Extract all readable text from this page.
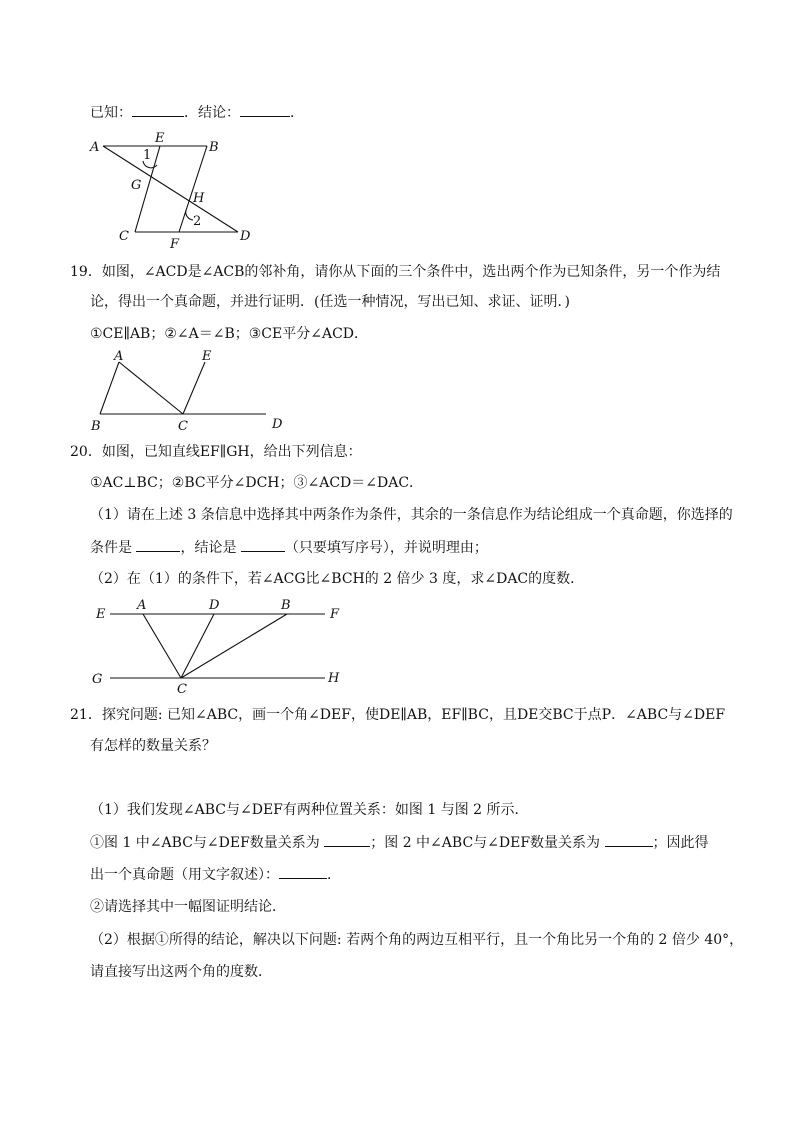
已知：	．结论：	．
A
E
B
1
G
H
2
C
F
D
19．如图，∠ACD是∠ACB的邻补角，请你从下面的三个条件中，选出两个作为已知条件，另一个作为结
论，得出一个真命题，并进行证明．(任选一种情况，写出已知、求证、证明．)
①CE∥AB；②∠A＝∠B；③CE平分∠ACD．
A	E
B	C	D
20．如图，已知直线EF∥GH，给出下列信息：
①AC⊥BC；②BC平分∠DCH；③∠ACD＝∠DAC．
（1）请在上述 3 条信息中选择其中两条作为条件，其余的一条信息作为结论组成一个真命题，你选择的
条件是	，结论是	（只要填写序号），并说明理由；
（2）在（1）的条件下，若∠ACG比∠BCH的 2 倍少 3 度，求∠DAC的度数．
E
A	D	B
F
G
C
H
21．探究问题: 已知∠ABC，画一个角∠DEF，使DE∥AB，EF∥BC，且DE交BC于点P．∠ABC与∠DEF
有怎样的数量关系？
（1）我们发现∠ABC与∠DEF有两种位置关系：如图 1 与图 2 所示．
①图 1 中∠ABC与∠DEF数量关系为	；图 2 中∠ABC与∠DEF数量关系为	；因此得
出一个真命题（用文字叙述）：	．
②请选择其中一幅图证明结论．
（2）根据①所得的结论，解决以下问题: 若两个角的两边互相平行，且一个角比另一个角的 2 倍少 40°，
请直接写出这两个角的度数．
